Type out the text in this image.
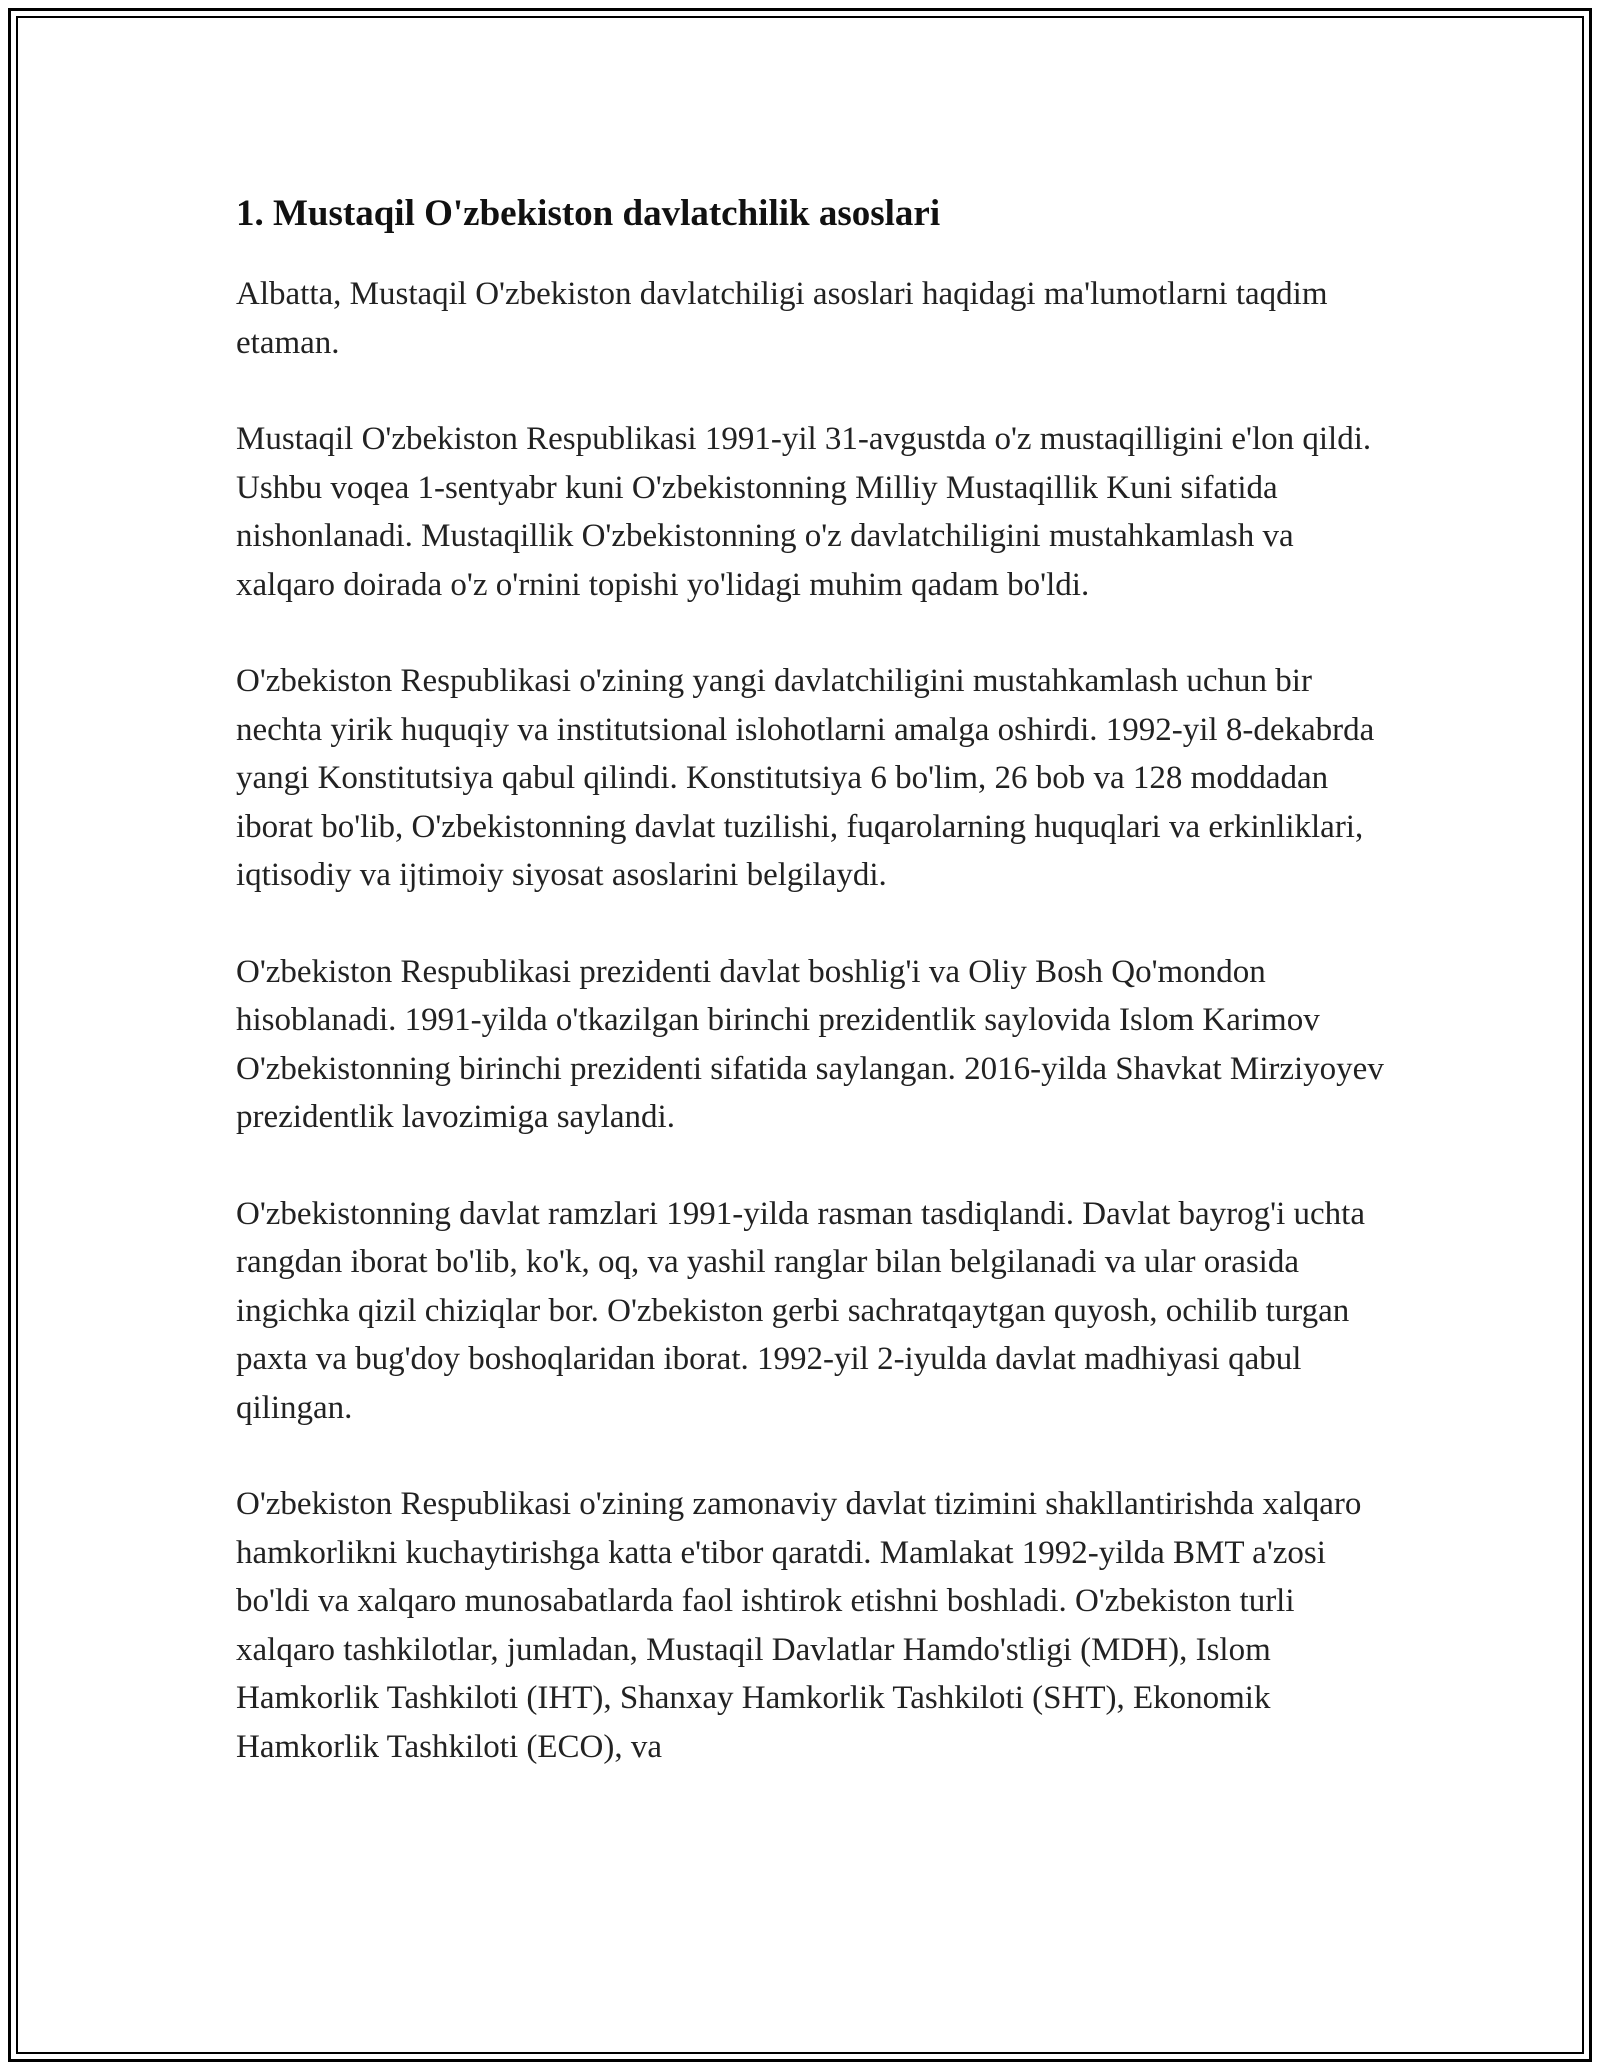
1. Mustaqil O'zbekiston davlatchilik asoslari

Albatta, Mustaqil O'zbekiston davlatchiligi asoslari haqidagi ma'lumotlarni taqdim etaman.

Mustaqil O'zbekiston Respublikasi 1991-yil 31-avgustda o'z mustaqilligini e'lon qildi. Ushbu voqea 1-sentyabr kuni O'zbekistonning Milliy Mustaqillik Kuni sifatida nishonlanadi. Mustaqillik O'zbekistonning o'z davlatchiligini mustahkamlash va xalqaro doirada o'z o'rnini topishi yo'lidagi muhim qadam bo'ldi.

O'zbekiston Respublikasi o'zining yangi davlatchiligini mustahkamlash uchun bir nechta yirik huquqiy va institutsional islohotlarni amalga oshirdi. 1992-yil 8-dekabrda yangi Konstitutsiya qabul qilindi. Konstitutsiya 6 bo'lim, 26 bob va 128 moddadan iborat bo'lib, O'zbekistonning davlat tuzilishi, fuqarolarning huquqlari va erkinliklari, iqtisodiy va ijtimoiy siyosat asoslarini belgilaydi.

O'zbekiston Respublikasi prezidenti davlat boshlig'i va Oliy Bosh Qo'mondon hisoblanadi. 1991-yilda o'tkazilgan birinchi prezidentlik saylovida Islom Karimov O'zbekistonning birinchi prezidenti sifatida saylangan. 2016-yilda Shavkat Mirziyoyev prezidentlik lavozimiga saylandi.

O'zbekistonning davlat ramzlari 1991-yilda rasman tasdiqlandi. Davlat bayrog'i uchta rangdan iborat bo'lib, ko'k, oq, va yashil ranglar bilan belgilanadi va ular orasida ingichka qizil chiziqlar bor. O'zbekiston gerbi sachratqaytgan quyosh, ochilib turgan paxta va bug'doy boshoqlaridan iborat. 1992-yil 2-iyulda davlat madhiyasi qabul qilingan.

O'zbekiston Respublikasi o'zining zamonaviy davlat tizimini shakllantirishda xalqaro hamkorlikni kuchaytirishga katta e'tibor qaratdi. Mamlakat 1992-yilda BMT a'zosi bo'ldi va xalqaro munosabatlarda faol ishtirok etishni boshladi. O'zbekiston turli xalqaro tashkilotlar, jumladan, Mustaqil Davlatlar Hamdo'stligi (MDH), Islom Hamkorlik Tashkiloti (IHT), Shanxay Hamkorlik Tashkiloti (SHT), Ekonomik Hamkorlik Tashkiloti (ECO), va
